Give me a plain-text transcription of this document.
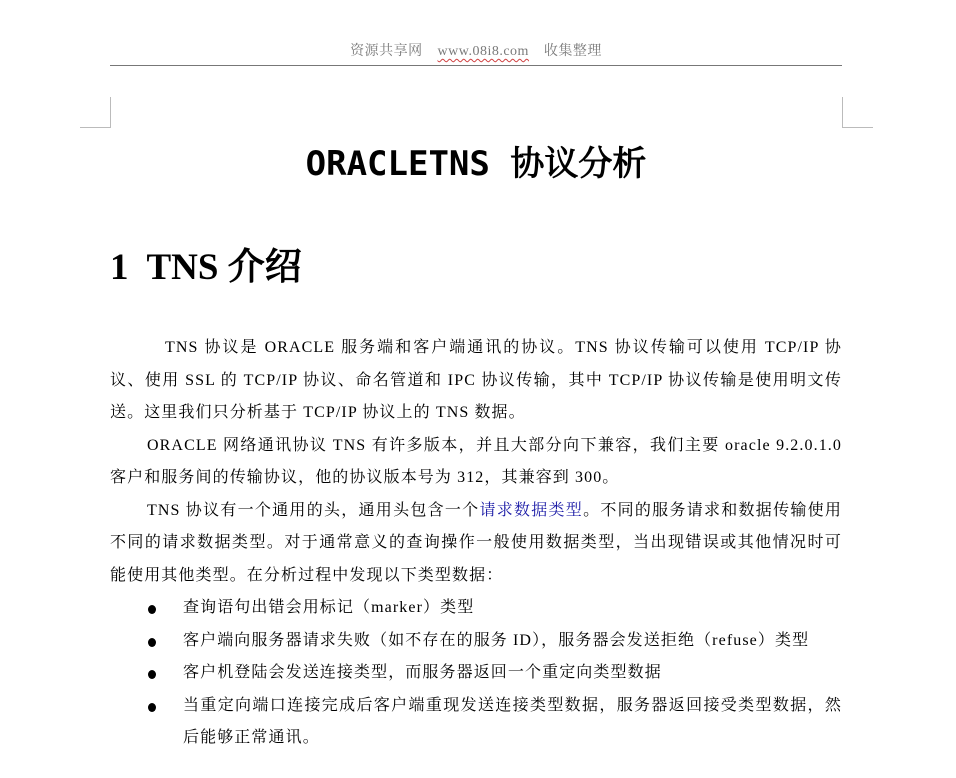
资源共享网 www.08i8.com 收集整理
ORACLETNS 协议分析
1 TNS 介绍

TNS 协议是 ORACLE 服务端和客户端通讯的协议。TNS 协议传输可以使用 TCP/IP 协议、使用 SSL 的 TCP/IP 协议、命名管道和 IPC 协议传输，其中 TCP/IP 协议传输是使用明文传送。这里我们只分析基于 TCP/IP 协议上的 TNS 数据。

ORACLE 网络通讯协议 TNS 有许多版本，并且大部分向下兼容，我们主要 oracle 9.2.0.1.0 客户和服务间的传输协议，他的协议版本号为 312，其兼容到 300。

TNS 协议有一个通用的头，通用头包含一个请求数据类型。不同的服务请求和数据传输使用不同的请求数据类型。对于通常意义的查询操作一般使用数据类型，当出现错误或其他情况时可能使用其他类型。在分析过程中发现以下类型数据：

查询语句出错会用标记（marker）类型
客户端向服务器请求失败（如不存在的服务 ID），服务器会发送拒绝（refuse）类型
客户机登陆会发送连接类型，而服务器返回一个重定向类型数据
当重定向端口连接完成后客户端重现发送连接类型数据，服务器返回接受类型数据，然后能够正常通讯。
